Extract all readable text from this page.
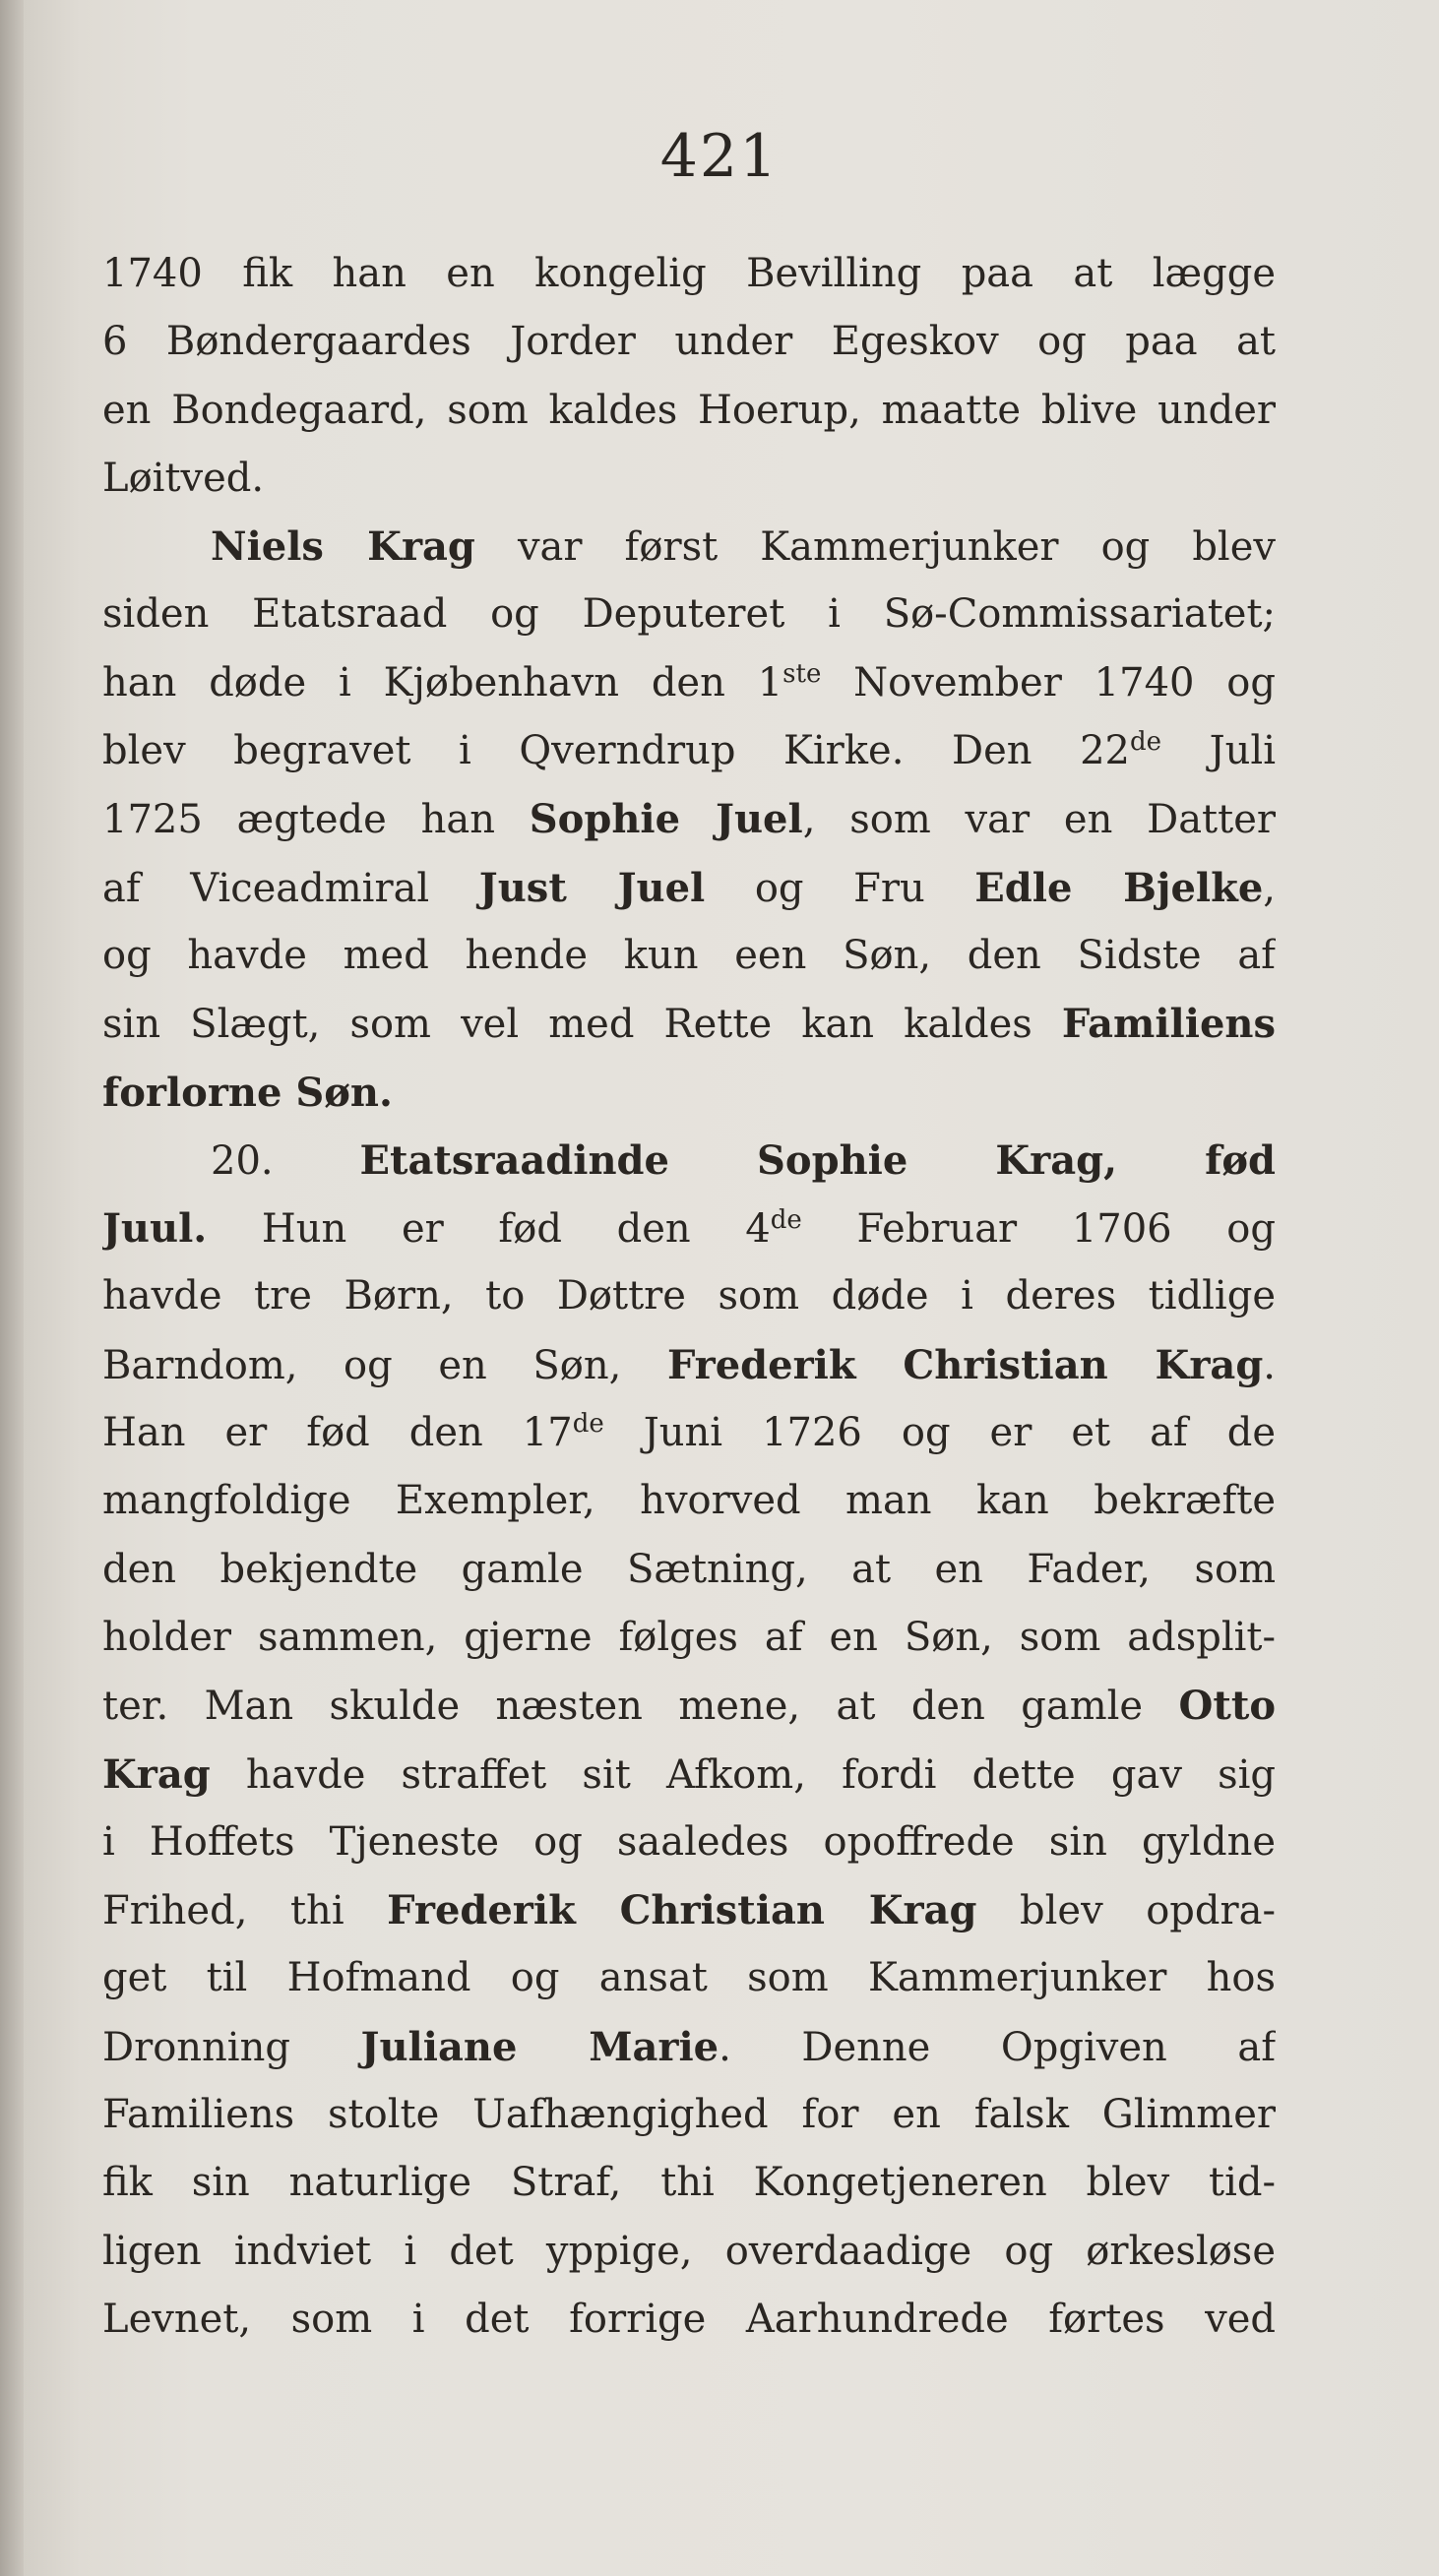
421
1740 fik han en kongelig Bevilling paa at lægge
6 Bøndergaardes Jorder under Egeskov og paa at
en Bondegaard, som kaldes Hoerup, maatte blive under
Løitved.
Niels Krag var først Kammerjunker og blev
siden Etatsraad og Deputeret i Sø-Commissariatet;
han døde i Kjøbenhavn den 1ste November 1740 og
blev begravet i Qverndrup Kirke. Den 22de Juli
1725 ægtede han Sophie Juel, som var en Datter
af Viceadmiral Just Juel og Fru Edle Bjelke,
og havde med hende kun een Søn, den Sidste af
sin Slægt, som vel med Rette kan kaldes Familiens
forlorne Søn.
20. Etatsraadinde Sophie Krag, fød
Juul. Hun er fød den 4de Februar 1706 og
havde tre Børn, to Døttre som døde i deres tidlige
Barndom, og en Søn, Frederik Christian Krag.
Han er fød den 17de Juni 1726 og er et af de
mangfoldige Exempler, hvorved man kan bekræfte
den bekjendte gamle Sætning, at en Fader, som
holder sammen, gjerne følges af en Søn, som adsplit-
ter. Man skulde næsten mene, at den gamle Otto
Krag havde straffet sit Afkom, fordi dette gav sig
i Hoffets Tjeneste og saaledes opoffrede sin gyldne
Frihed, thi Frederik Christian Krag blev opdra-
get til Hofmand og ansat som Kammerjunker hos
Dronning Juliane Marie. Denne Opgiven af
Familiens stolte Uafhængighed for en falsk Glimmer
fik sin naturlige Straf, thi Kongetjeneren blev tid-
ligen indviet i det yppige, overdaadige og ørkesløse
Levnet, som i det forrige Aarhundrede førtes ved
